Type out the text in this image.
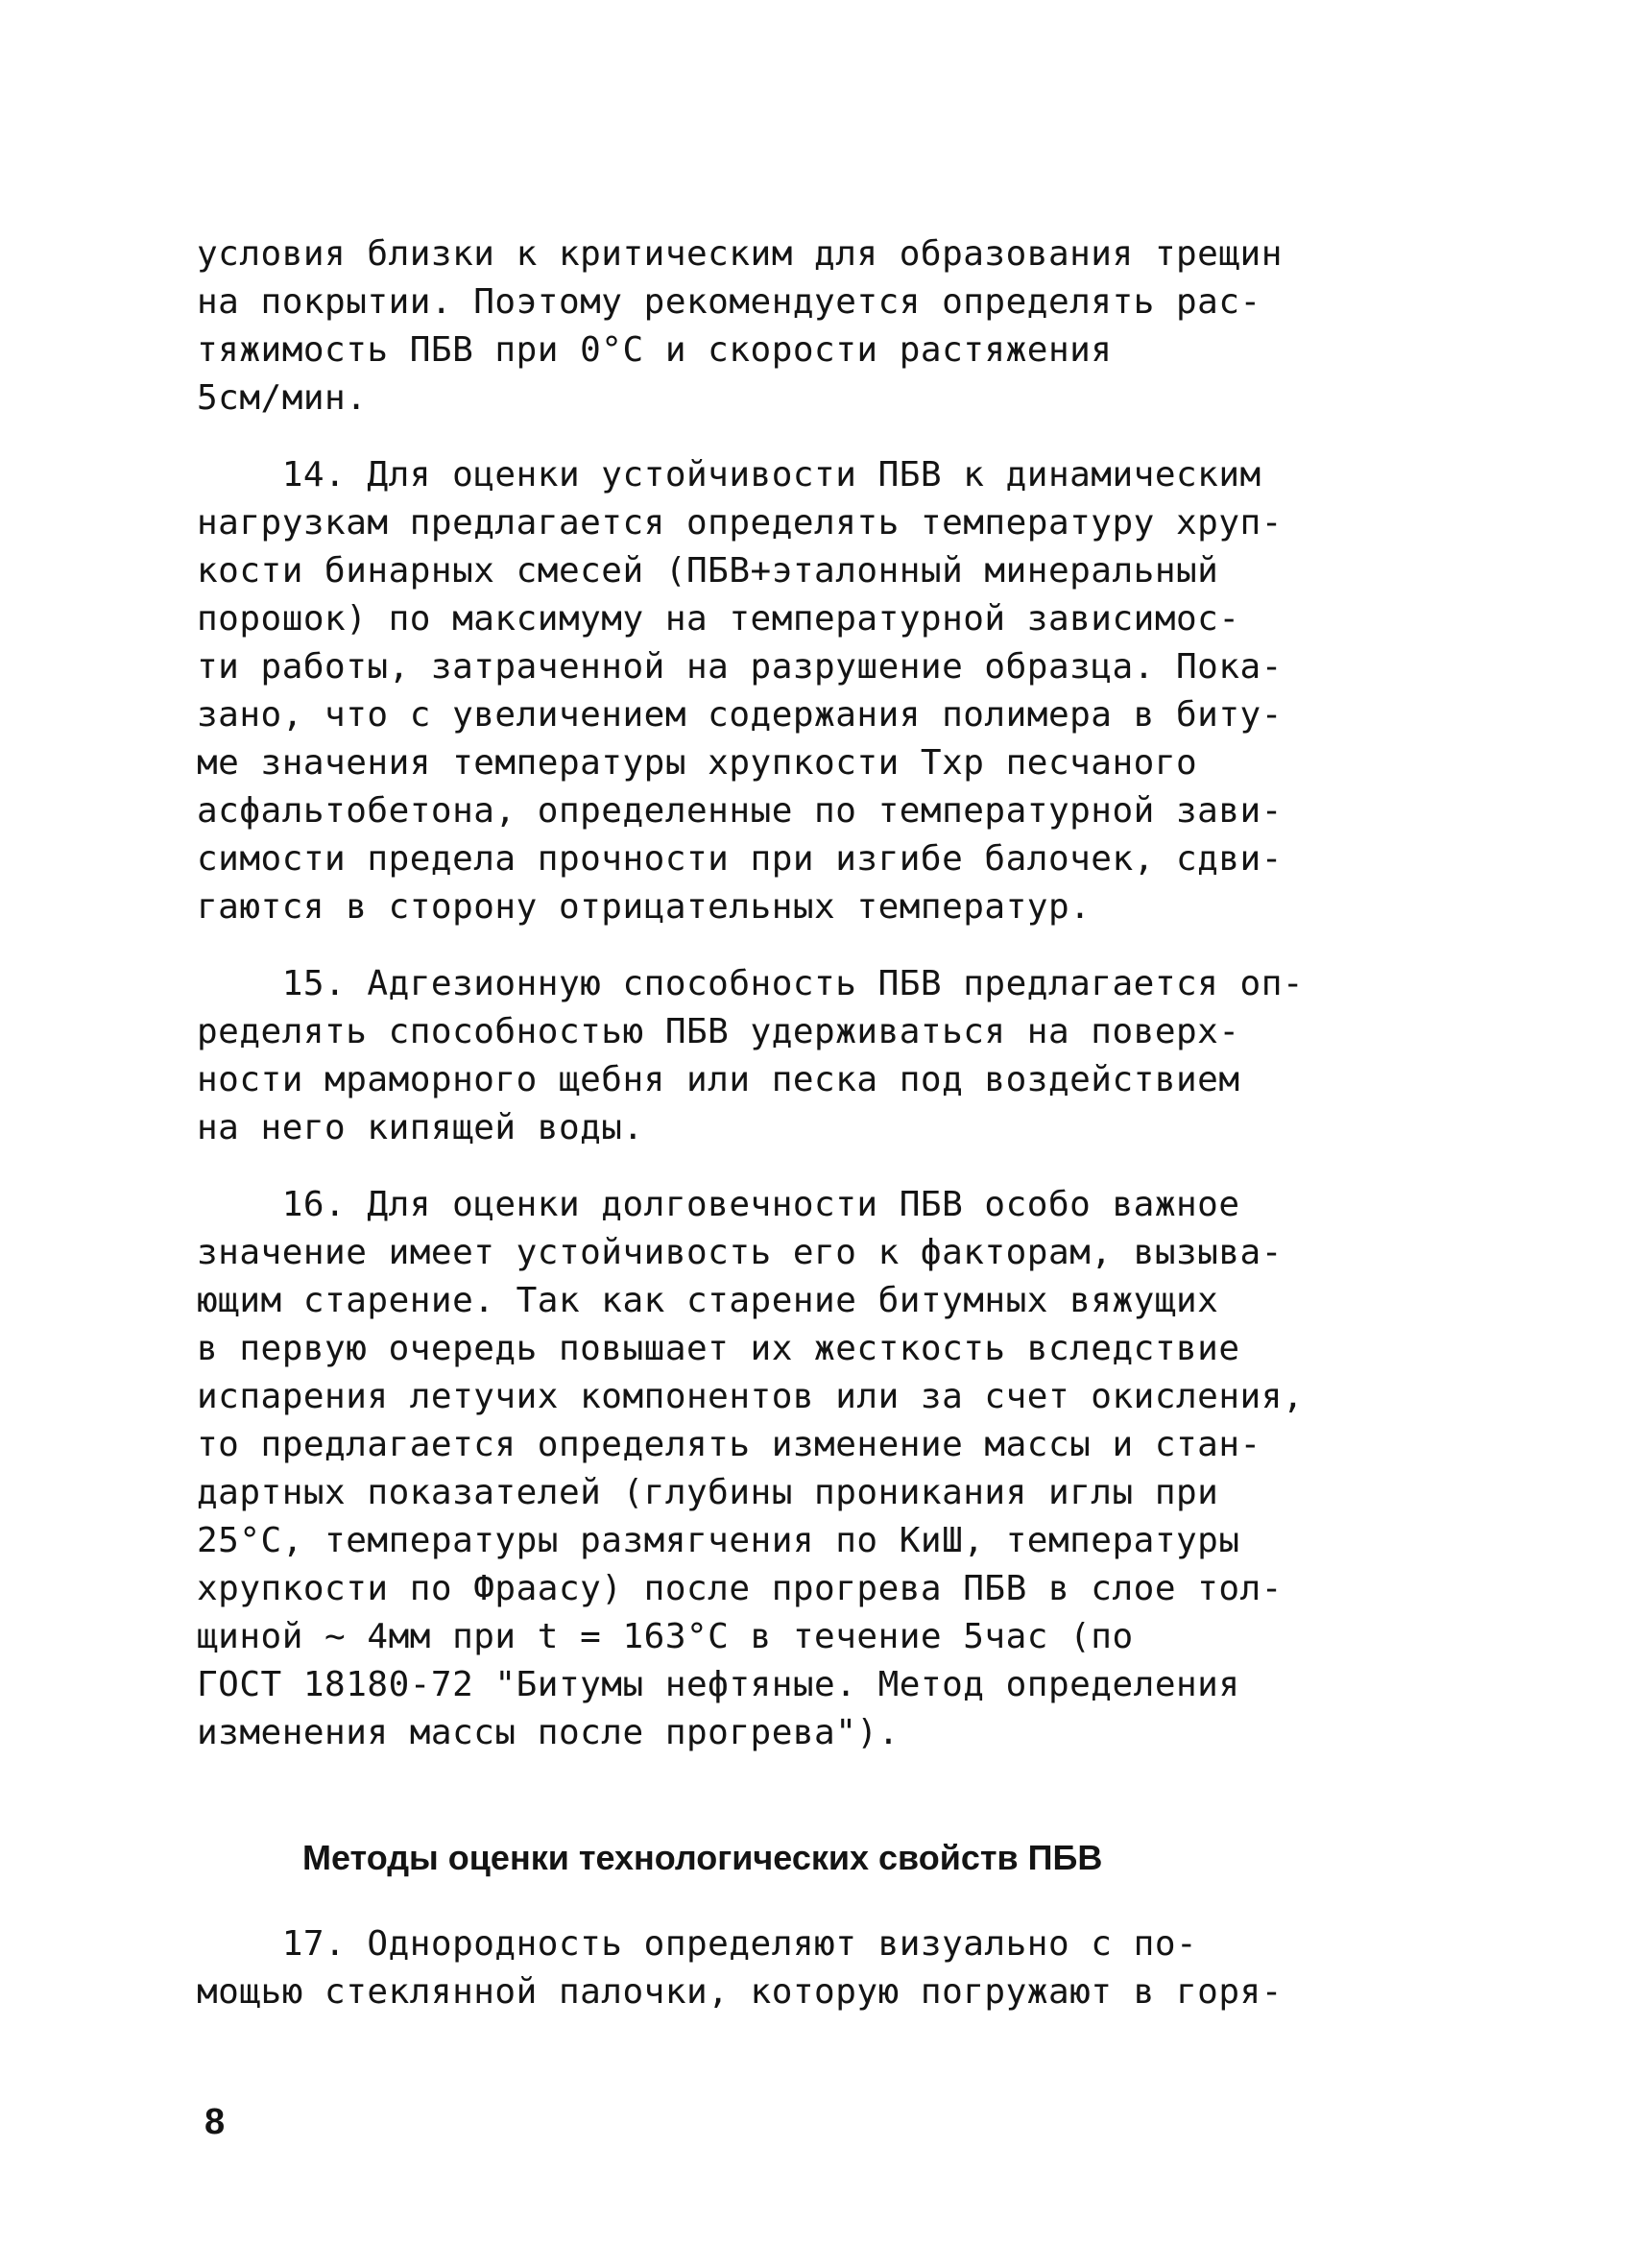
условия близки к критическим для образования трещин
на покрытии. Поэтому рекомендуется определять рас-
тяжимость ПБВ при 0°С и скорости растяжения
5см/мин.
14. Для оценки устойчивости ПБВ к динамическим
нагрузкам предлагается определять температуру хруп-
кости бинарных смесей (ПБВ+эталонный минеральный
порошок) по максимуму на температурной зависимос-
ти работы, затраченной на разрушение образца. Пока-
зано, что с увеличением содержания полимера в биту-
ме значения температуры хрупкости Tхр песчаного
асфальтобетона, определенные по температурной зави-
симости предела прочности при изгибе балочек, сдви-
гаются в сторону отрицательных температур.
15. Адгезионную способность ПБВ предлагается оп-
ределять способностью ПБВ удерживаться на поверх-
ности мраморного щебня или песка под воздействием
на него кипящей воды.
16. Для оценки долговечности ПБВ особо важное
значение имеет устойчивость его к факторам, вызыва-
ющим старение. Так как старение битумных вяжущих
в первую очередь повышает их жесткость вследствие
испарения летучих компонентов или за счет окисления,
то предлагается определять изменение массы и стан-
дартных показателей (глубины проникания иглы при
25°С, температуры размягчения по КиШ, температуры
хрупкости по Фраасу) после прогрева ПБВ в слое тол-
щиной ~ 4мм при t = 163°С в течение 5час (по
ГОСТ 18180-72 "Битумы нефтяные. Метод определения
изменения массы после прогрева").
Методы оценки технологических свойств ПБВ
17. Однородность определяют визуально с по-
мощью стеклянной палочки, которую погружают в горя-
8
